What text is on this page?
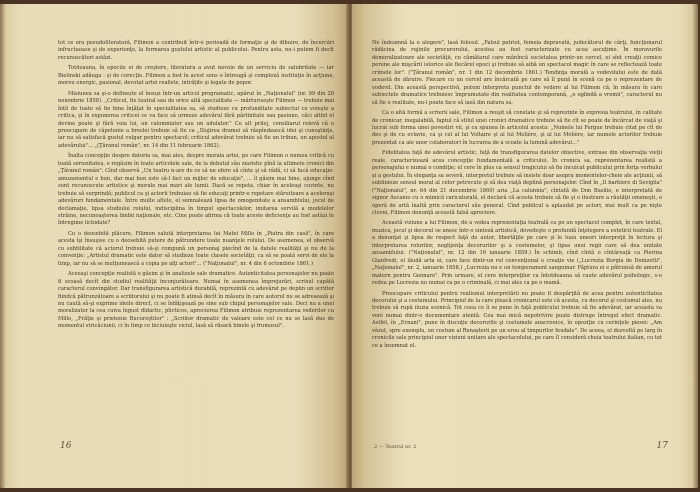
tot ce era pseudoliteratură, Filimon a contribuit într-o perioadă de formaţie şi de dibuire, de încercări infructuoase şi de experienţe, la formarea gustului artistic al publicului. Pentru asta, nu-i putem fi decît recunoscători astăzi.

Totdeauna, în epocile ei de creştere, literatura a avut nevoie de un serviciu de salubritate — iar Bielinski adăuga : şi de corecţie. Filimon a fost în acest sens o întreagă şi complexă instituţie în acţiune, mereu energic, pasional, devotat artei realiste, intrăţite şi legate de popor.

Misiunea sa şi-o definește el însuși într-un articol programatic, apărut în „Naţionalul" (nr. 99 din 20 noiembrie 1858). „Criticul, fie teatral sau de orice altă specialitate — mărturiseşte Filimon — trebuie mai întîi de toate să fie bine înţăţat în specialitatea sa, să studieze cu profunditate subiectul ce voieşte a critica, şi în expunerea criticei ce va face să urmeze adevărul fără părtinitate sau pasiune, căci altfel el devine poate şi fără voia lui, un calomniator sau un adulator." Cu alt prilej, consiliarul relevă că o preocupare de căpetenie a breslei trebuie să fie ca „Slujirea dramei să răspîndească idei şi cunoştinţe, iar nu să satisfacă gustul vulgar pentru spectacol; criticul adevărat trebuie să fie un tribun, un apostol al adevărului"... „(Ţăranul român", nr. 14 din 11 februarie 1862).

Înalta concepţie despre datoria sa, mai ales, despre morala artei, pe care Filimon o numea critică cu toată seriozitatea, o regăsim în toate articolele sale, de la debutul său ziaristic pînă la ultimele cronici din „Ţăranul român". Cînd observă „Un teatru n-are de ce să ne ofere să cînte şi să râdă, ci să facă educaţie: amuzamentul e bun, dar mai bun este să-l faci un mijloc de educaţie", ... îl găsim mai bine, ajunge cînd sunt recunoscute artistice şi morale mai mari ale lumii. Dacă se repeta, chiar în aceleaşi cuvinte, nu trebuie să surprindă; publicul ca şi actorii trebuiau să fie educaţi printr-o repetare stăruitoare a aceloraşi adevăruri fundamentale. Între multe altele, el semnalează lipsa de omogenitate a ansamblului, jocul de declamaţie, lipsa studiului rolului, indisciplina în timpul spectacolelor, imitarea servilă a modelelor străine, necunoaşterea limbii naţionale, etc. Cine poate afirma că toate aceste deficienţe au fost astăzi în întregime lichidate?

Cu o deosebită plăcere, Filimon salută interpretarea lui Matei Millo în „Piatra din casă", în care acesta îşi însuşise cu o deosebită putere de pătrundere toate nuanţele rolului. De asemenea, el observă cu subtilitate că actorul trebuie să-şi compună un personaj plecînd de la datele realităţii şi nu de la convenţie: „Artistul dramatic este dator să studieze toate clasele societăţii, ca să se poată servi de ele la timp, iar nu să se mulţumească a copia pe alţi actori"... ("Naţionalul", nr. 4 din 6 octombrie 1861.)

Aceeaşi concepţie realistă o găsim şi în analizele sale dramatice. Autenticitatea personajelor nu poate fi scoasă decît din studiul realităţii înconjurătoare. Numai în asemenea împrejurări, scrisul capătă caracterul convingător. Dar transfigurarea artistică durabilă, reprezintă cu adevărat pe deplin un scriitor fiindcă pătrunzătoare a scriitorului şi nu poate fi atinsă decît în măsura în care autorul nu se adresează şi nu caută să-şi exprime ideile direct, ci se înfăţişează pe sine sub chipul personajelor sale. Deci nu a unei moralizator la cea cuiva îngust didactic, plicticos, aprecierea Filimon atribuie reprezentarea vederilor cu Millo, „Frăţie şi prietenie Bucureştilor" : „Scriitor dramatic de valoare este cel ce nu se lasă dus de momentul stricăciunii, ci în timp ce biciuieşte viciul, lasă să răsară binele şi frumosul".

16

Ne îndeamnă la o alegere", lasă folosul. „Falsul patriot, femeia depravată, judecătorul de cărţi, funcţionarul rădăcina de rujinile procurorului, acestea au fost caracterizate cu acea ascuţime. În moravurile demoralizatoare ale societăţii, cu cămătarul care mănîncă societatea printr-un cercel, ei sînt creaţii comice perene ale mişcării istorice ale fiecărei epoci şi trebuie să aibă un spectacol magic în care se reflectează toate crimele lor". ("Ţăranul român", nr. 1 din 12 decembrie 1861.) Tendinţa morală a vodevilului este de dată această de dăruire. Fiecare cu un cercel are încărcată pe care să îl pună în scenă ca pe o reprezentare de vodevil. Din această perspectivă, putem interpreta punctul de vedere al lui Filimon că, în măsura în care subiectele dramatice trebuiesc împrumutate din realitatea contemporană, „o oglindă a vremii", caracterul nu să fie o realitate, nu-l poate face să iasă din natura sa.

Ca o altă formă a scrierii sale, Filimon a reuşit să constate şi să reprezinte în expresia teatrului, în calitate de cronicar, inegalabilă, faptul că stilul unei cronici dramatice trebuie să fie cît se poate de încărcat de viaţă şi lucrat sub forma unei povestiri vii, şi ca spunea în articolul acesta: „Numele lui Fergue trebuie citat pe cît de des şi de cu evlavie, ca şi cel al lui Voltaire şi al lui Molière, şi al lui Molière, iar numele actorilor trebuie prezentat ca ale unor colaboratori în lucrarea de a scoate la lumină adevărul..."

Fidelitatea faţă de adevărul artistic, faţă de transfigurarea datelor obiective, extrase din observaţia vieţii reale, caracterizează acea concepţie fundamentală a criticului. În cronica sa, reprezentarea realistă a personajului e numai o condiţie; el cere în plus ca sensul tragicului să fie inculcat publicului prin forţa verbului şi a gestului. În eleganţa sa severă, interpretul trebuie să insiste doar asupra momentelor-cheie ale acţiunii, să sublinieze sensul moral al celor petrecute şi să dea viaţă deplină personajelor. Cînd în „Il barbiere di Seviglia" ("Naţionalul", nr. 64 din 21 decembrie 1860) aria „La calunnia", cîntată de Don Basilio, e interpretată de signor Ascanio cu o mimică caricaturală, el declară că acesta trebuie să fie şi o ilustrare a răutăţii omeneşti, o operă de artă înaltă prin caracterul său general. Cînd publicul a aplaudat pe actori, mai mult ca pe nişte clovni, Filimon denunţă această falsă apreciere.

Această viziune a lui Filimon, de a vedea reprezentaţia teatrală ca pe un spectacol complet, în care textul, muzica, jocul şi decorul se unesc într-o sinteză artistică, dovedeşte o profundă înţelegere a esteticii teatrale. El a denunţat şi lipsa de respect faţă de autor, libertăţile pe care şi le luau uneori interpreţii în lectura şi interpretarea rolurilor, neglijenţa decorurilor şi a costumelor, şi lipsa unei regii care să dea unitate ansamblului. ("Naţionalul", nr. 12 din 16 ianuarie 1859.) În schimb, cînd cîntă o cîntăreaţă ca Pierina Gianfredi, el lăudă arta ei, care face dintr-un rol convenţional o creaţie vie („Lucrezia Borgia de Donizetti", „Naţionalul", nr. 2, ianuarie 1858.) „Lucrezia nu e un temperament sanguinar. Făptura ei e pătrunsă de amorul matern pentru Gennaro". Prin urmare, el cere interpreţilor ca întotdeauna să caute adevărul psihologic, s-o redea pe Lucrezia nu numai ca pe o criminală, ci mai ales ca pe o mamă.

Preocupare criticului pentru realismul interpretării nu poate fi despărţită de acea pentru autenticitatea decorului şi a costumului. Principiul de la care pleacă cronicarul este că acesta, cu decorul şi costumul ales, nu trebuie să rupă iluzia scenică. Tot ceea ce îi se pune în faţă publicului trebuie să fie adevărat, iar aceasta va veni numai dintr-o documentare atentă. Cea mai mică nepotrivire poate distruge întregul efect dramatic. Astfel, în „Ernani", pune în discuţie decorurile şi costumele anacronice, în opoziţie cu cerinţele piesei: „Am văzut, spre exemplu, un costum al Renaşterii pe un erou al timpurilor feudale". De aceea, el dezvoltă pe larg în cronicile sale principiul unor viziuni unitare ale spectacolului, pe care îl consideră cheia teatrului italian, cu tot ce a însemnat el.

2 — Teatrul nr. 2	17
